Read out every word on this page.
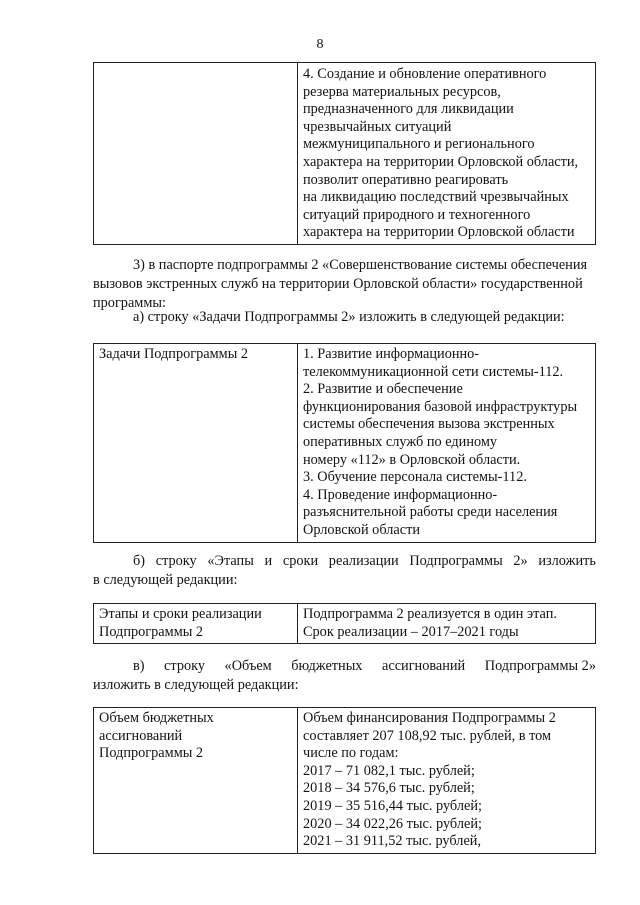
8

4. Создание и обновление оперативного
резерва материальных ресурсов,
предназначенного для ликвидации
чрезвычайных ситуаций
межмуниципального и регионального
характера на территории Орловской области,
позволит оперативно реагировать
на ликвидацию последствий чрезвычайных
ситуаций природного и техногенного
характера на территории Орловской области
3) в паспорте подпрограммы 2 «Совершенствование системы обеспечения
вызовов экстренных служб на территории Орловской области» государственной
программы:
а) строку «Задачи Подпрограммы 2» изложить в следующей редакции:
Задачи Подпрограммы 2	1. Развитие информационно-
телекоммуникационной сети системы-112.
2. Развитие и обеспечение
функционирования базовой инфраструктуры
системы обеспечения вызова экстренных
оперативных служб по единому
номеру «112» в Орловской области.
3. Обучение персонала системы-112.
4. Проведение информационно-
разъяснительной работы среди населения
Орловской области
б) строку «Этапы и сроки реализации Подпрограммы 2» изложить
в следующей редакции:
Этапы и сроки реализации
Подпрограммы 2

Подпрограмма 2 реализуется в один этап.
Срок реализации – 2017–2021 годы
в) строку «Объем бюджетных ассигнований Подпрограммы 2»
изложить в следующей редакции:
Объем бюджетных
ассигнований
Подпрограммы 2

Объем финансирования Подпрограммы 2
составляет 207 108,92 тыс. рублей, в том
числе по годам:
2017 – 71 082,1 тыс. рублей;
2018 – 34 576,6 тыс. рублей;
2019 – 35 516,44 тыс. рублей;
2020 – 34 022,26 тыс. рублей;
2021 – 31 911,52 тыс. рублей,
